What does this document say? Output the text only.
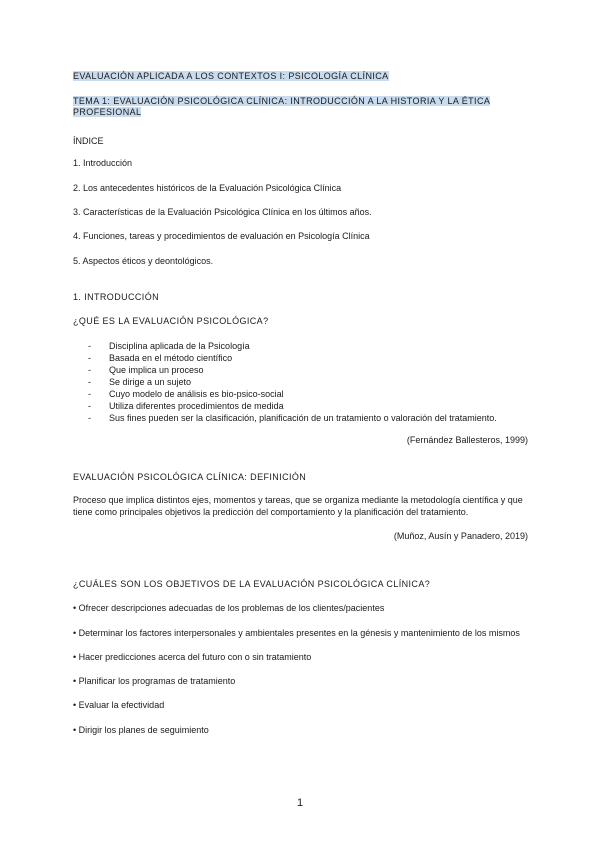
EVALUACIÓN APLICADA A LOS CONTEXTOS I: PSICOLOGÍA CLÍNICA
TEMA 1: EVALUACIÓN PSICOLÓGICA CLÍNICA: INTRODUCCIÓN A LA HISTORIA Y LA ÉTICA PROFESIONAL
ÍNDICE
1. Introducción
2. Los antecedentes históricos de la Evaluación Psicológica Clínica
3. Características de la Evaluación Psicológica Clínica en los últimos años.
4. Funciones, tareas y procedimientos de evaluación en Psicología Clínica
5. Aspectos éticos y deontológicos.
1. INTRODUCCIÓN
¿QUÉ ES LA EVALUACIÓN PSICOLÓGICA?
- Disciplina aplicada de la Psicología
- Basada en el método científico
- Que implica un proceso
- Se dirige a un sujeto
- Cuyo modelo de análisis es bio-psico-social
- Utiliza diferentes procedimientos de medida
- Sus fines pueden ser la clasificación, planificación de un tratamiento o valoración del tratamiento.
(Fernández Ballesteros, 1999)
EVALUACIÓN PSICOLÓGICA CLÍNICA: DEFINICIÓN
Proceso que implica distintos ejes, momentos y tareas, que se organiza mediante la metodología científica y que tiene como principales objetivos la predicción del comportamiento y la planificación del tratamiento.
(Muñoz, Ausín y Panadero, 2019)
¿CUÁLES SON LOS OBJETIVOS DE LA EVALUACIÓN PSICOLÓGICA CLÍNICA?
• Ofrecer descripciones adecuadas de los problemas de los clientes/pacientes
• Determinar los factores interpersonales y ambientales presentes en la génesis y mantenimiento de los mismos
• Hacer predicciones acerca del futuro con o sin tratamiento
• Planificar los programas de tratamiento
• Evaluar la efectividad
• Dirigir los planes de seguimiento
1
